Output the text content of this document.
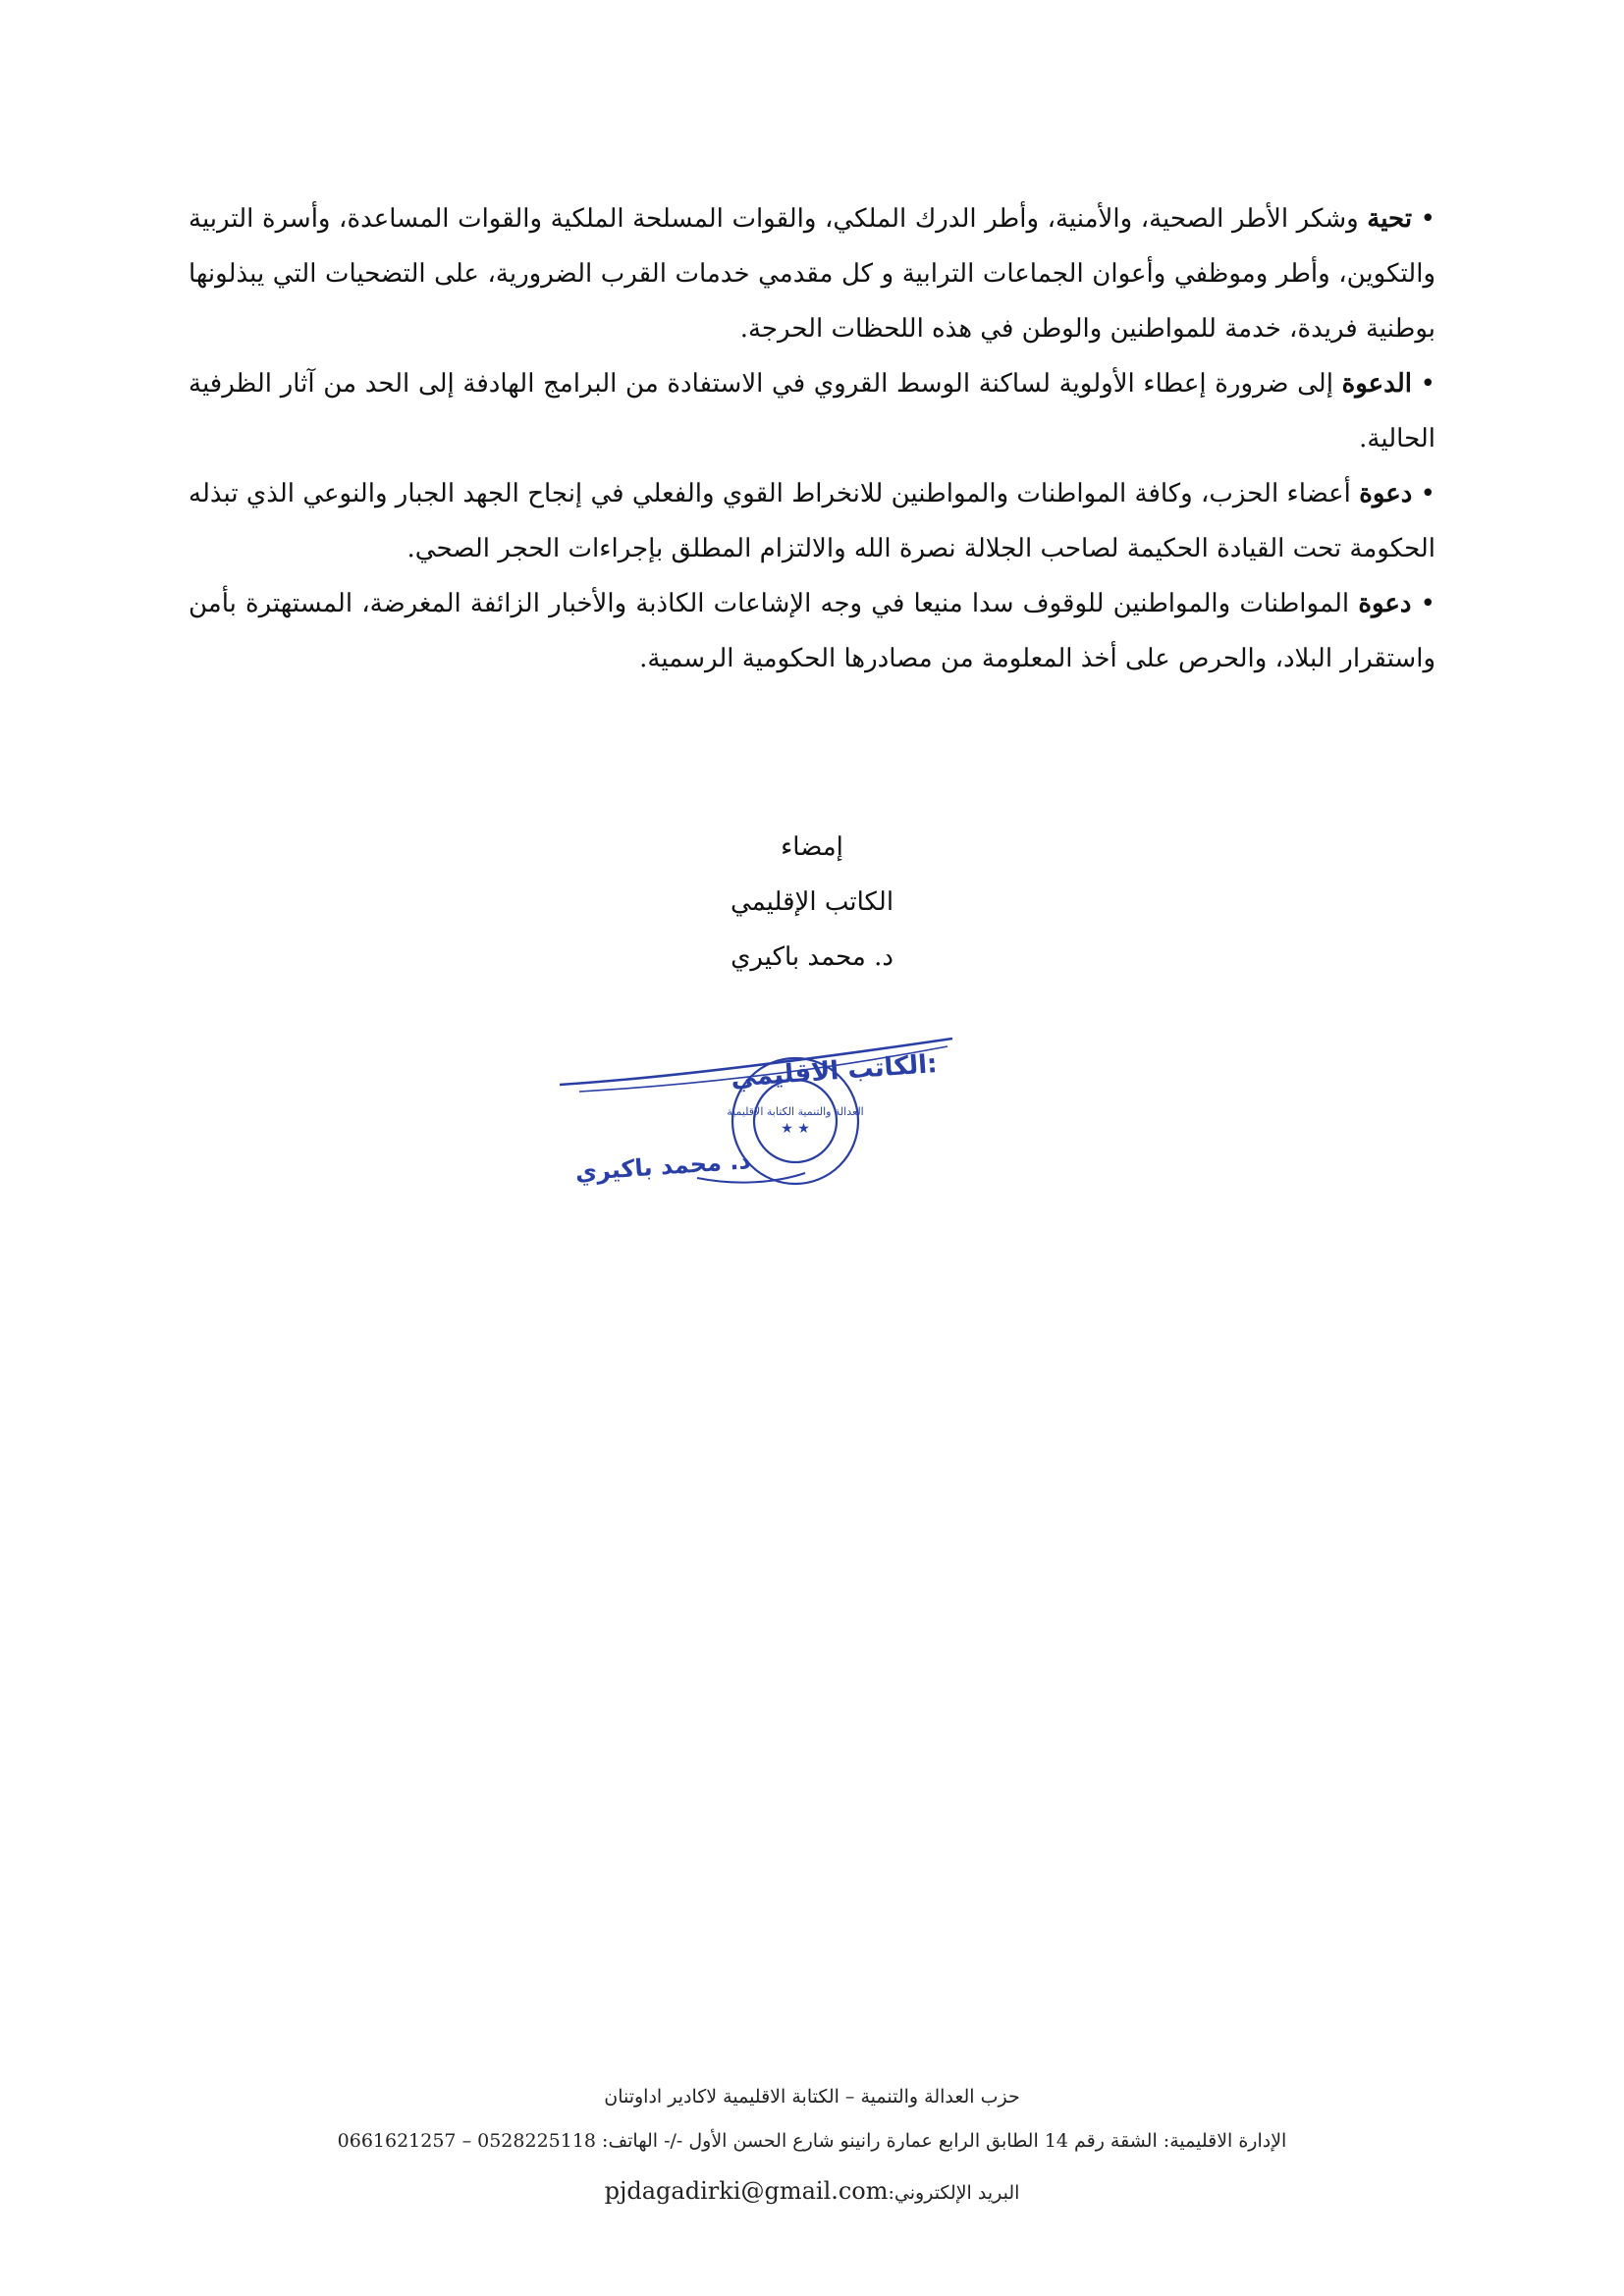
• تحية وشكر الأطر الصحية، والأمنية، وأطر الدرك الملكي، والقوات المسلحة الملكية والقوات المساعدة، وأسرة التربية والتكوين، وأطر وموظفي وأعوان الجماعات الترابية و كل مقدمي خدمات القرب الضرورية، على التضحيات التي يبذلونها بوطنية فريدة، خدمة للمواطنين والوطن في هذه اللحظات الحرجة.

• الدعوة إلى ضرورة إعطاء الأولوية لساكنة الوسط القروي في الاستفادة من البرامج الهادفة إلى الحد من آثار الظرفية الحالية.

• دعوة أعضاء الحزب، وكافة المواطنات والمواطنين للانخراط القوي والفعلي في إنجاح الجهد الجبار والنوعي الذي تبذله الحكومة تحت القيادة الحكيمة لصاحب الجلالة نصرة الله والالتزام المطلق بإجراءات الحجر الصحي.

• دعوة المواطنات والمواطنين للوقوف سدا منيعا في وجه الإشاعات الكاذبة والأخبار الزائفة المغرضة، المستهترة بأمن واستقرار البلاد، والحرص على أخذ المعلومة من مصادرها الحكومية الرسمية.

إمضاء
الكاتب الإقليمي
د. محمد باكيري
العدالة والتنمية الكتابة الإقليمية
★ ★
الكاتب الاقليمي:
د. محمد باكيري
حزب العدالة والتنمية – الكتابة الاقليمية لاكادير اداوتنان
الإدارة الاقليمية: الشقة رقم 14 الطابق الرابع عمارة رانينو شارع الحسن الأول -/- الهاتف: 0528225118 – 0661621257
البريد الإلكتروني:pjdagadirki@gmail.com
